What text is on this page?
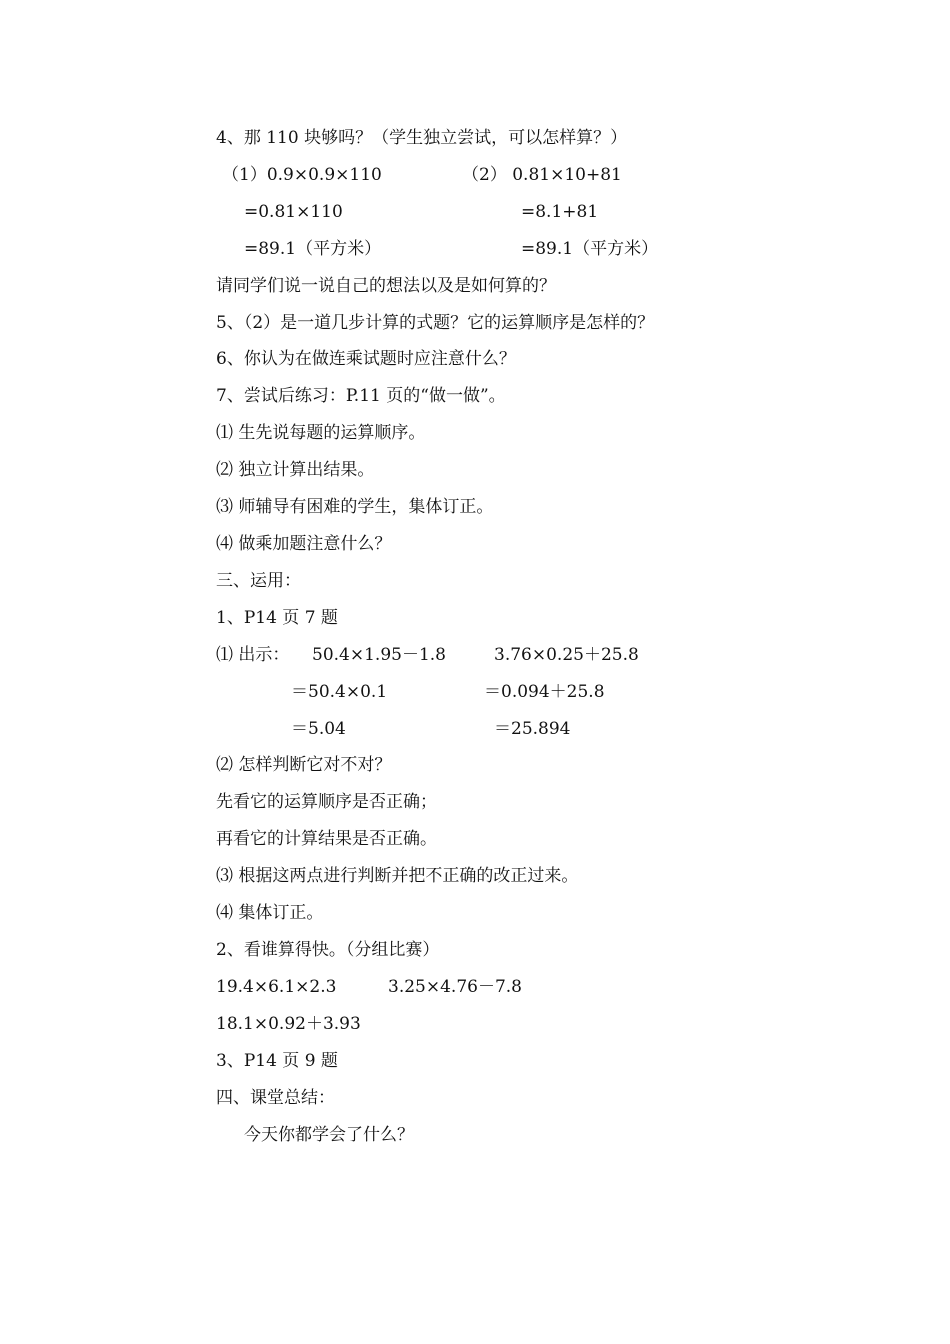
4、那 110 块够吗？（学生独立尝试，可以怎样算？）
（1）0.9×0.9×110	（2） 0.81×10+81
=0.81×110	=8.1+81
=89.1（平方米）	=89.1（平方米）
请同学们说一说自己的想法以及是如何算的？
5、（2）是一道几步计算的式题？它的运算顺序是怎样的？
6、你认为在做连乘试题时应注意什么？
7、尝试后练习：P.11 页的“做一做”。
⑴ 生先说每题的运算顺序。
⑵ 独立计算出结果。
⑶ 师辅导有困难的学生，集体订正。
⑷ 做乘加题注意什么？
三、运用：
1、P14 页 7 题
⑴ 出示： 50.4×1.95－1.8	3.76×0.25＋25.8
＝50.4×0.1	＝0.094＋25.8
＝5.04	＝25.894
⑵ 怎样判断它对不对？
先看它的运算顺序是否正确；
再看它的计算结果是否正确。
⑶ 根据这两点进行判断并把不正确的改正过来。
⑷ 集体订正。
2、看谁算得快。（分组比赛）
19.4×6.1×2.3	3.25×4.76－7.8
18.1×0.92＋3.93
3、P14 页 9 题
四、课堂总结：
今天你都学会了什么？
